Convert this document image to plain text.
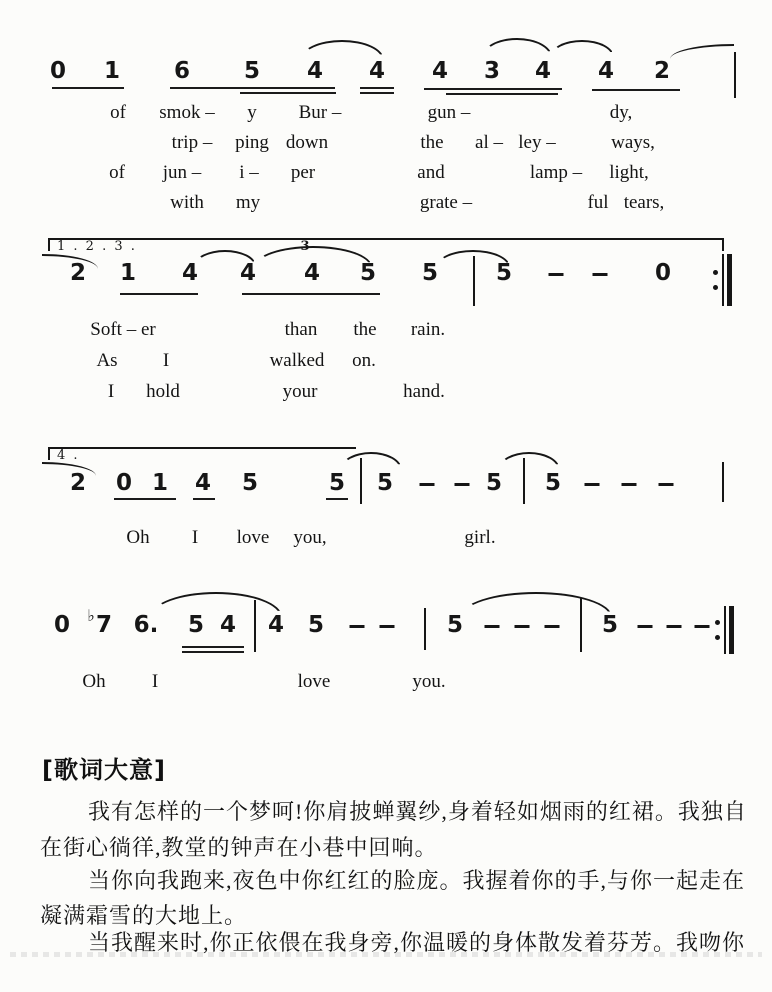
0 1 6 5 4 4 4 3 4 4 2
of smok – y Bur –	gun –	dy,
trip – ping down	the al – ley –	ways,
of jun – i – per	and	lamp – light,
with my	grate –	ful tears,
1 . 2 . 3 .
2 1 4 4 4 5 5	5	0
3
Soft – er	than the rain.
As I	walked on.
I hold	your	hand.
4 .
2 0 1 4 5	5 5	5 5
Oh I love you,	girl.
0 ♭ 7 6. 5 4 4 5	5	5
Oh I	love	you.
[歌词大意]
我有怎样的一个梦呵!你肩披蝉翼纱,身着轻如烟雨的红裙。我独自
在街心徜徉,教堂的钟声在小巷中回响。
当你向我跑来,夜色中你红红的脸庞。我握着你的手,与你一起走在
凝满霜雪的大地上。
当我醒来时,你正依偎在我身旁,你温暖的身体散发着芬芳。我吻你
